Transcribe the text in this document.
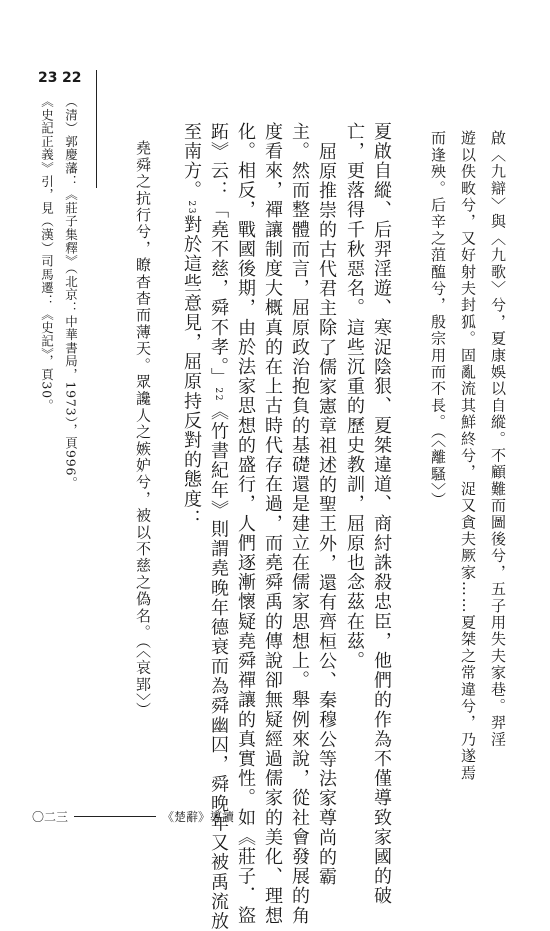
啟〈九辯〉與〈九歌〉兮，夏康娛以自縱。不顧難而圖後兮，五子用失夫家巷。羿淫
遊以佚畋兮，又好射夫封狐。固亂流其鮮終兮，浞又貪夫厥家……夏桀之常違兮，乃遂焉
而逢殃。后辛之菹醢兮，殷宗用而不長。（〈離騷〉）
夏啟自縱、后羿淫遊、寒浞陰狠、夏桀違道、商紂誅殺忠臣，他們的作為不僅導致家國的破
亡，更落得千秋惡名。這些沉重的歷史教訓，屈原也念茲在茲。
屈原推崇的古代君主除了儒家憲章祖述的聖王外，還有齊桓公、秦穆公等法家尊尚的霸
主。然而整體而言，屈原政治抱負的基礎還是建立在儒家思想上。舉例來說，從社會發展的角
度看來，禪讓制度大概真的在上古時代存在過，而堯舜禹的傳說卻無疑經過儒家的美化、理想
化。相反，戰國後期，由於法家思想的盛行，人們逐漸懷疑堯舜禪讓的真實性。如《莊子．盜
跖》云：「堯不慈，舜不孝。」22《竹書紀年》則謂堯晚年德衰而為舜幽囚，舜晚年又被禹流放
至南方。23對於這些意見，屈原持反對的態度：
堯舜之抗行兮，瞭杳杳而薄天。眾讒人之嫉妒兮，被以不慈之偽名。（〈哀郢〉）
22
（清）郭慶藩：《莊子集釋》（北京：中華書局，1973），頁996。
23
《史記正義》引，見（漢）司馬遷：《史記》，頁30。
〇二三	《楚辭》導讀
